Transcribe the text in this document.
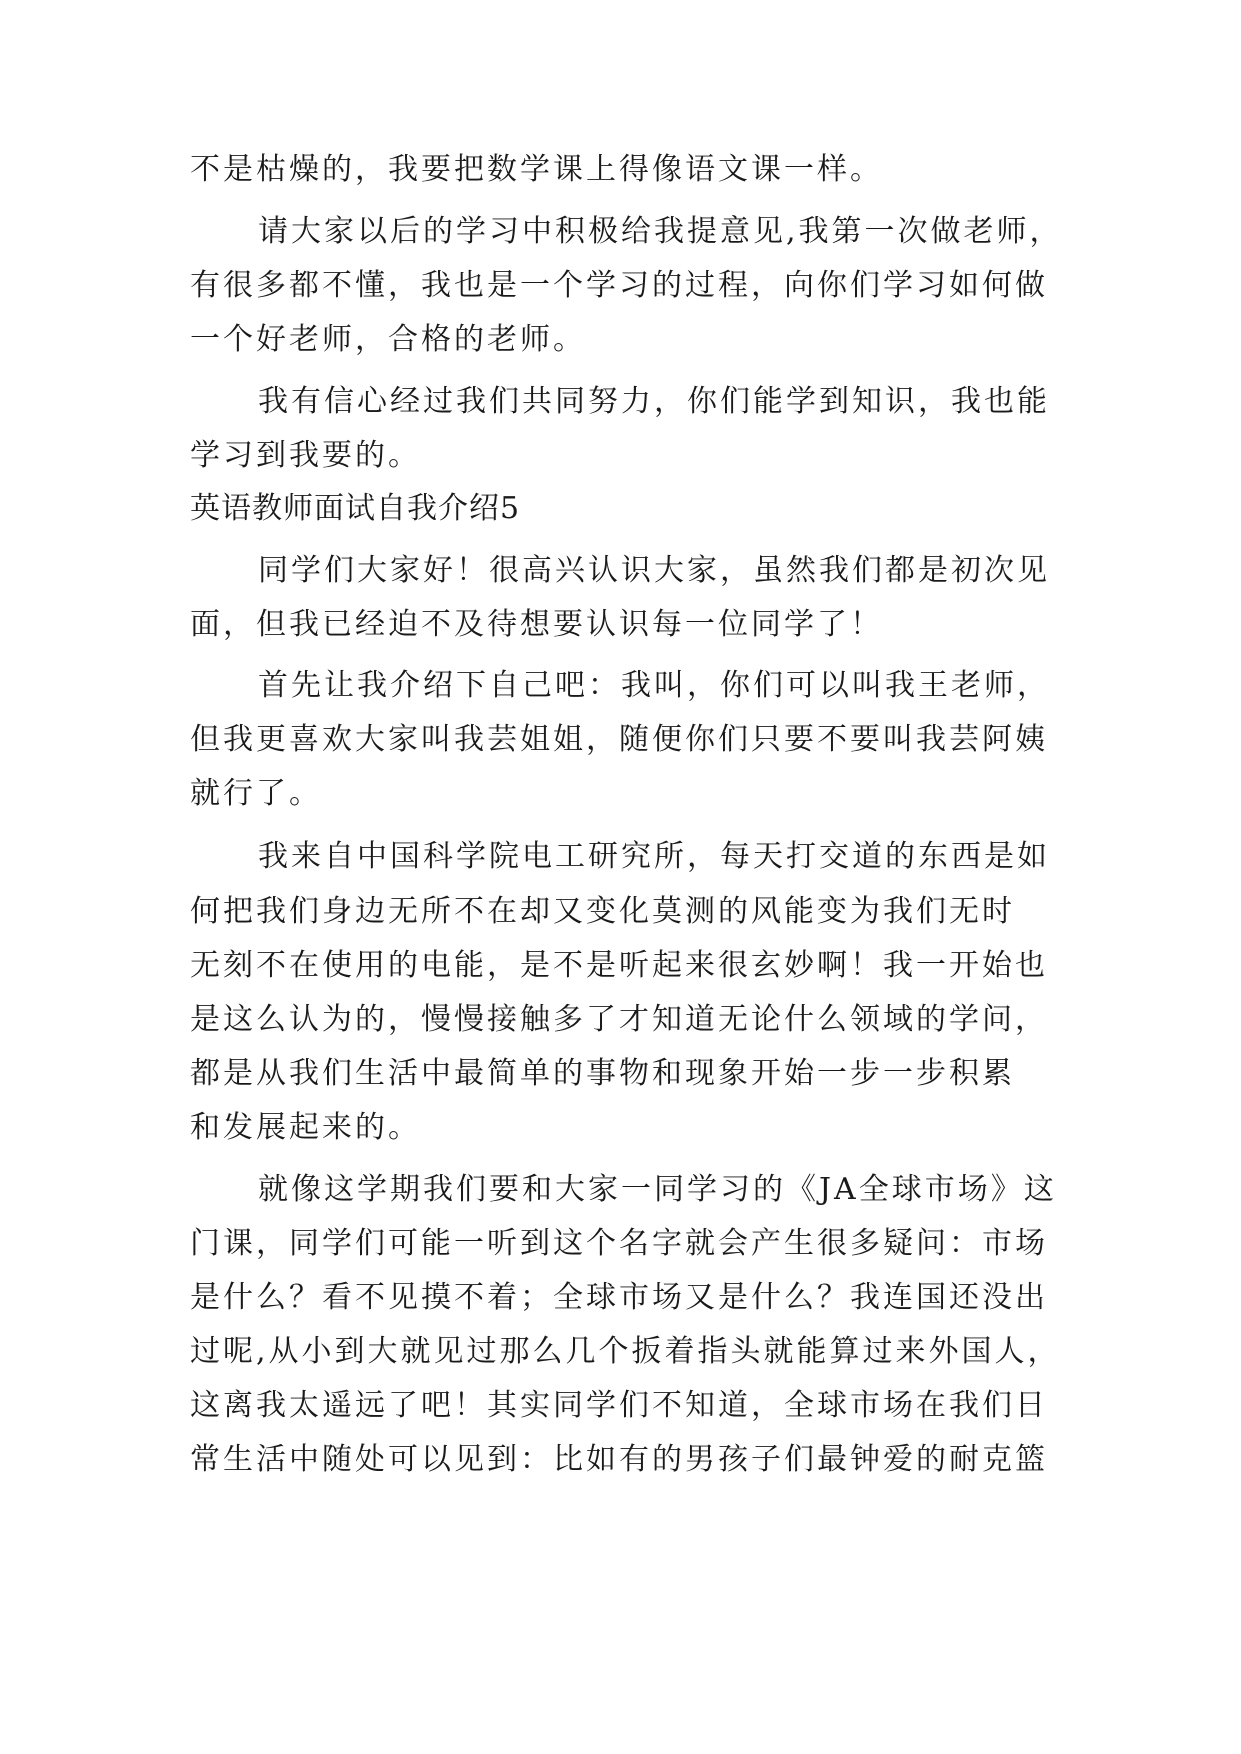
不是枯燥的，我要把数学课上得像语文课一样。
请大家以后的学习中积极给我提意见,我第一次做老师，
有很多都不懂，我也是一个学习的过程，向你们学习如何做
一个好老师，合格的老师。
我有信心经过我们共同努力，你们能学到知识，我也能
学习到我要的。
英语教师面试自我介绍5
同学们大家好！很高兴认识大家，虽然我们都是初次见
面，但我已经迫不及待想要认识每一位同学了！
首先让我介绍下自己吧：我叫，你们可以叫我王老师，
但我更喜欢大家叫我芸姐姐，随便你们只要不要叫我芸阿姨
就行了。
我来自中国科学院电工研究所，每天打交道的东西是如
何把我们身边无所不在却又变化莫测的风能变为我们无时
无刻不在使用的电能，是不是听起来很玄妙啊！我一开始也
是这么认为的，慢慢接触多了才知道无论什么领域的学问，
都是从我们生活中最简单的事物和现象开始一步一步积累
和发展起来的。
就像这学期我们要和大家一同学习的《JA全球市场》这
门课，同学们可能一听到这个名字就会产生很多疑问：市场
是什么？看不见摸不着；全球市场又是什么？我连国还没出
过呢,从小到大就见过那么几个扳着指头就能算过来外国人，
这离我太遥远了吧！其实同学们不知道，全球市场在我们日
常生活中随处可以见到：比如有的男孩子们最钟爱的耐克篮
